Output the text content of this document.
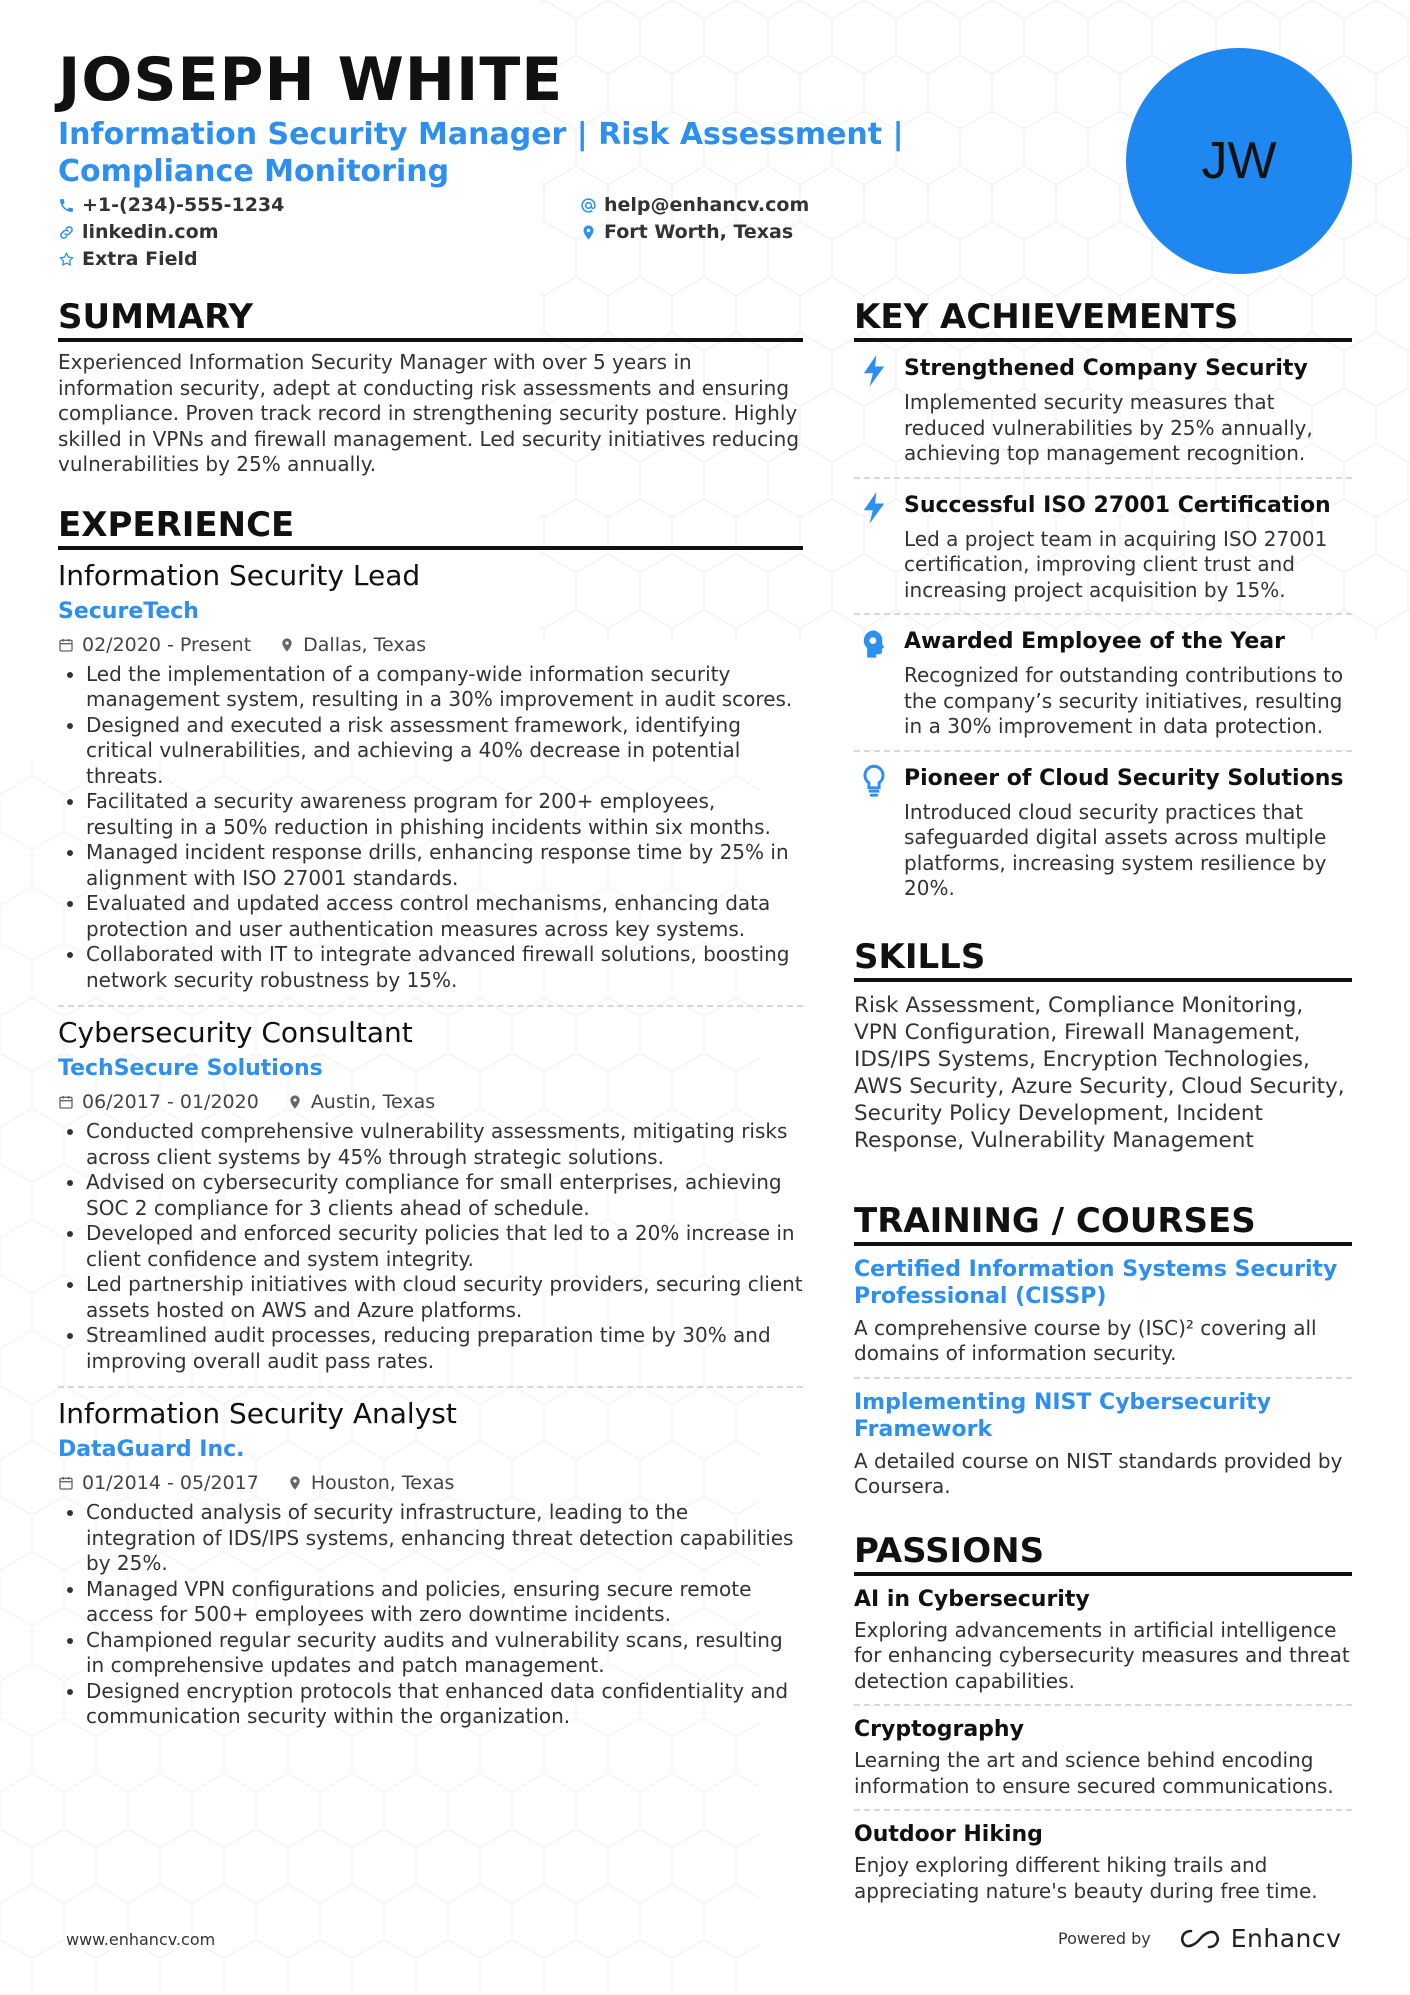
JOSEPH WHITE
Information Security Manager | Risk Assessment | Compliance Monitoring
+1-(234)-555-1234	help@enhancv.com
linkedin.com	Fort Worth, Texas
Extra Field
JW
SUMMARY

Experienced Information Security Manager with over 5 years in information security, adept at conducting risk assessments and ensuring compliance. Proven track record in strengthening security posture. Highly skilled in VPNs and firewall management. Led security initiatives reducing vulnerabilities by 25% annually.

EXPERIENCE
Information Security Lead
SecureTech
02/2020 - Present	Dallas, Texas
• Led the implementation of a company-wide information security management system, resulting in a 30% improvement in audit scores.
• Designed and executed a risk assessment framework, identifying critical vulnerabilities, and achieving a 40% decrease in potential threats.
• Facilitated a security awareness program for 200+ employees, resulting in a 50% reduction in phishing incidents within six months.
• Managed incident response drills, enhancing response time by 25% in alignment with ISO 27001 standards.
• Evaluated and updated access control mechanisms, enhancing data protection and user authentication measures across key systems.
• Collaborated with IT to integrate advanced firewall solutions, boosting network security robustness by 15%.
Cybersecurity Consultant
TechSecure Solutions
06/2017 - 01/2020	Austin, Texas
• Conducted comprehensive vulnerability assessments, mitigating risks across client systems by 45% through strategic solutions.
• Advised on cybersecurity compliance for small enterprises, achieving SOC 2 compliance for 3 clients ahead of schedule.
• Developed and enforced security policies that led to a 20% increase in client confidence and system integrity.
• Led partnership initiatives with cloud security providers, securing client assets hosted on AWS and Azure platforms.
• Streamlined audit processes, reducing preparation time by 30% and improving overall audit pass rates.
Information Security Analyst
DataGuard Inc.
01/2014 - 05/2017	Houston, Texas
• Conducted analysis of security infrastructure, leading to the integration of IDS/IPS systems, enhancing threat detection capabilities by 25%.
• Managed VPN configurations and policies, ensuring secure remote access for 500+ employees with zero downtime incidents.
• Championed regular security audits and vulnerability scans, resulting in comprehensive updates and patch management.
• Designed encryption protocols that enhanced data confidentiality and communication security within the organization.
KEY ACHIEVEMENTS
Strengthened Company Security
Implemented security measures that reduced vulnerabilities by 25% annually, achieving top management recognition.
Successful ISO 27001 Certification
Led a project team in acquiring ISO 27001 certification, improving client trust and increasing project acquisition by 15%.
Awarded Employee of the Year
Recognized for outstanding contributions to the company’s security initiatives, resulting in a 30% improvement in data protection.
Pioneer of Cloud Security Solutions
Introduced cloud security practices that safeguarded digital assets across multiple platforms, increasing system resilience by 20%.
SKILLS
Risk Assessment, Compliance Monitoring, VPN Configuration, Firewall Management, IDS/IPS Systems, Encryption Technologies, AWS Security, Azure Security, Cloud Security, Security Policy Development, Incident Response, Vulnerability Management
TRAINING / COURSES
Certified Information Systems Security Professional (CISSP)
A comprehensive course by (ISC)² covering all domains of information security.
Implementing NIST Cybersecurity Framework
A detailed course on NIST standards provided by Coursera.
PASSIONS
AI in Cybersecurity
Exploring advancements in artificial intelligence for enhancing cybersecurity measures and threat detection capabilities.
Cryptography
Learning the art and science behind encoding information to ensure secured communications.
Outdoor Hiking
Enjoy exploring different hiking trails and appreciating nature's beauty during free time.
www.enhancv.com	Powered by	Enhancv
